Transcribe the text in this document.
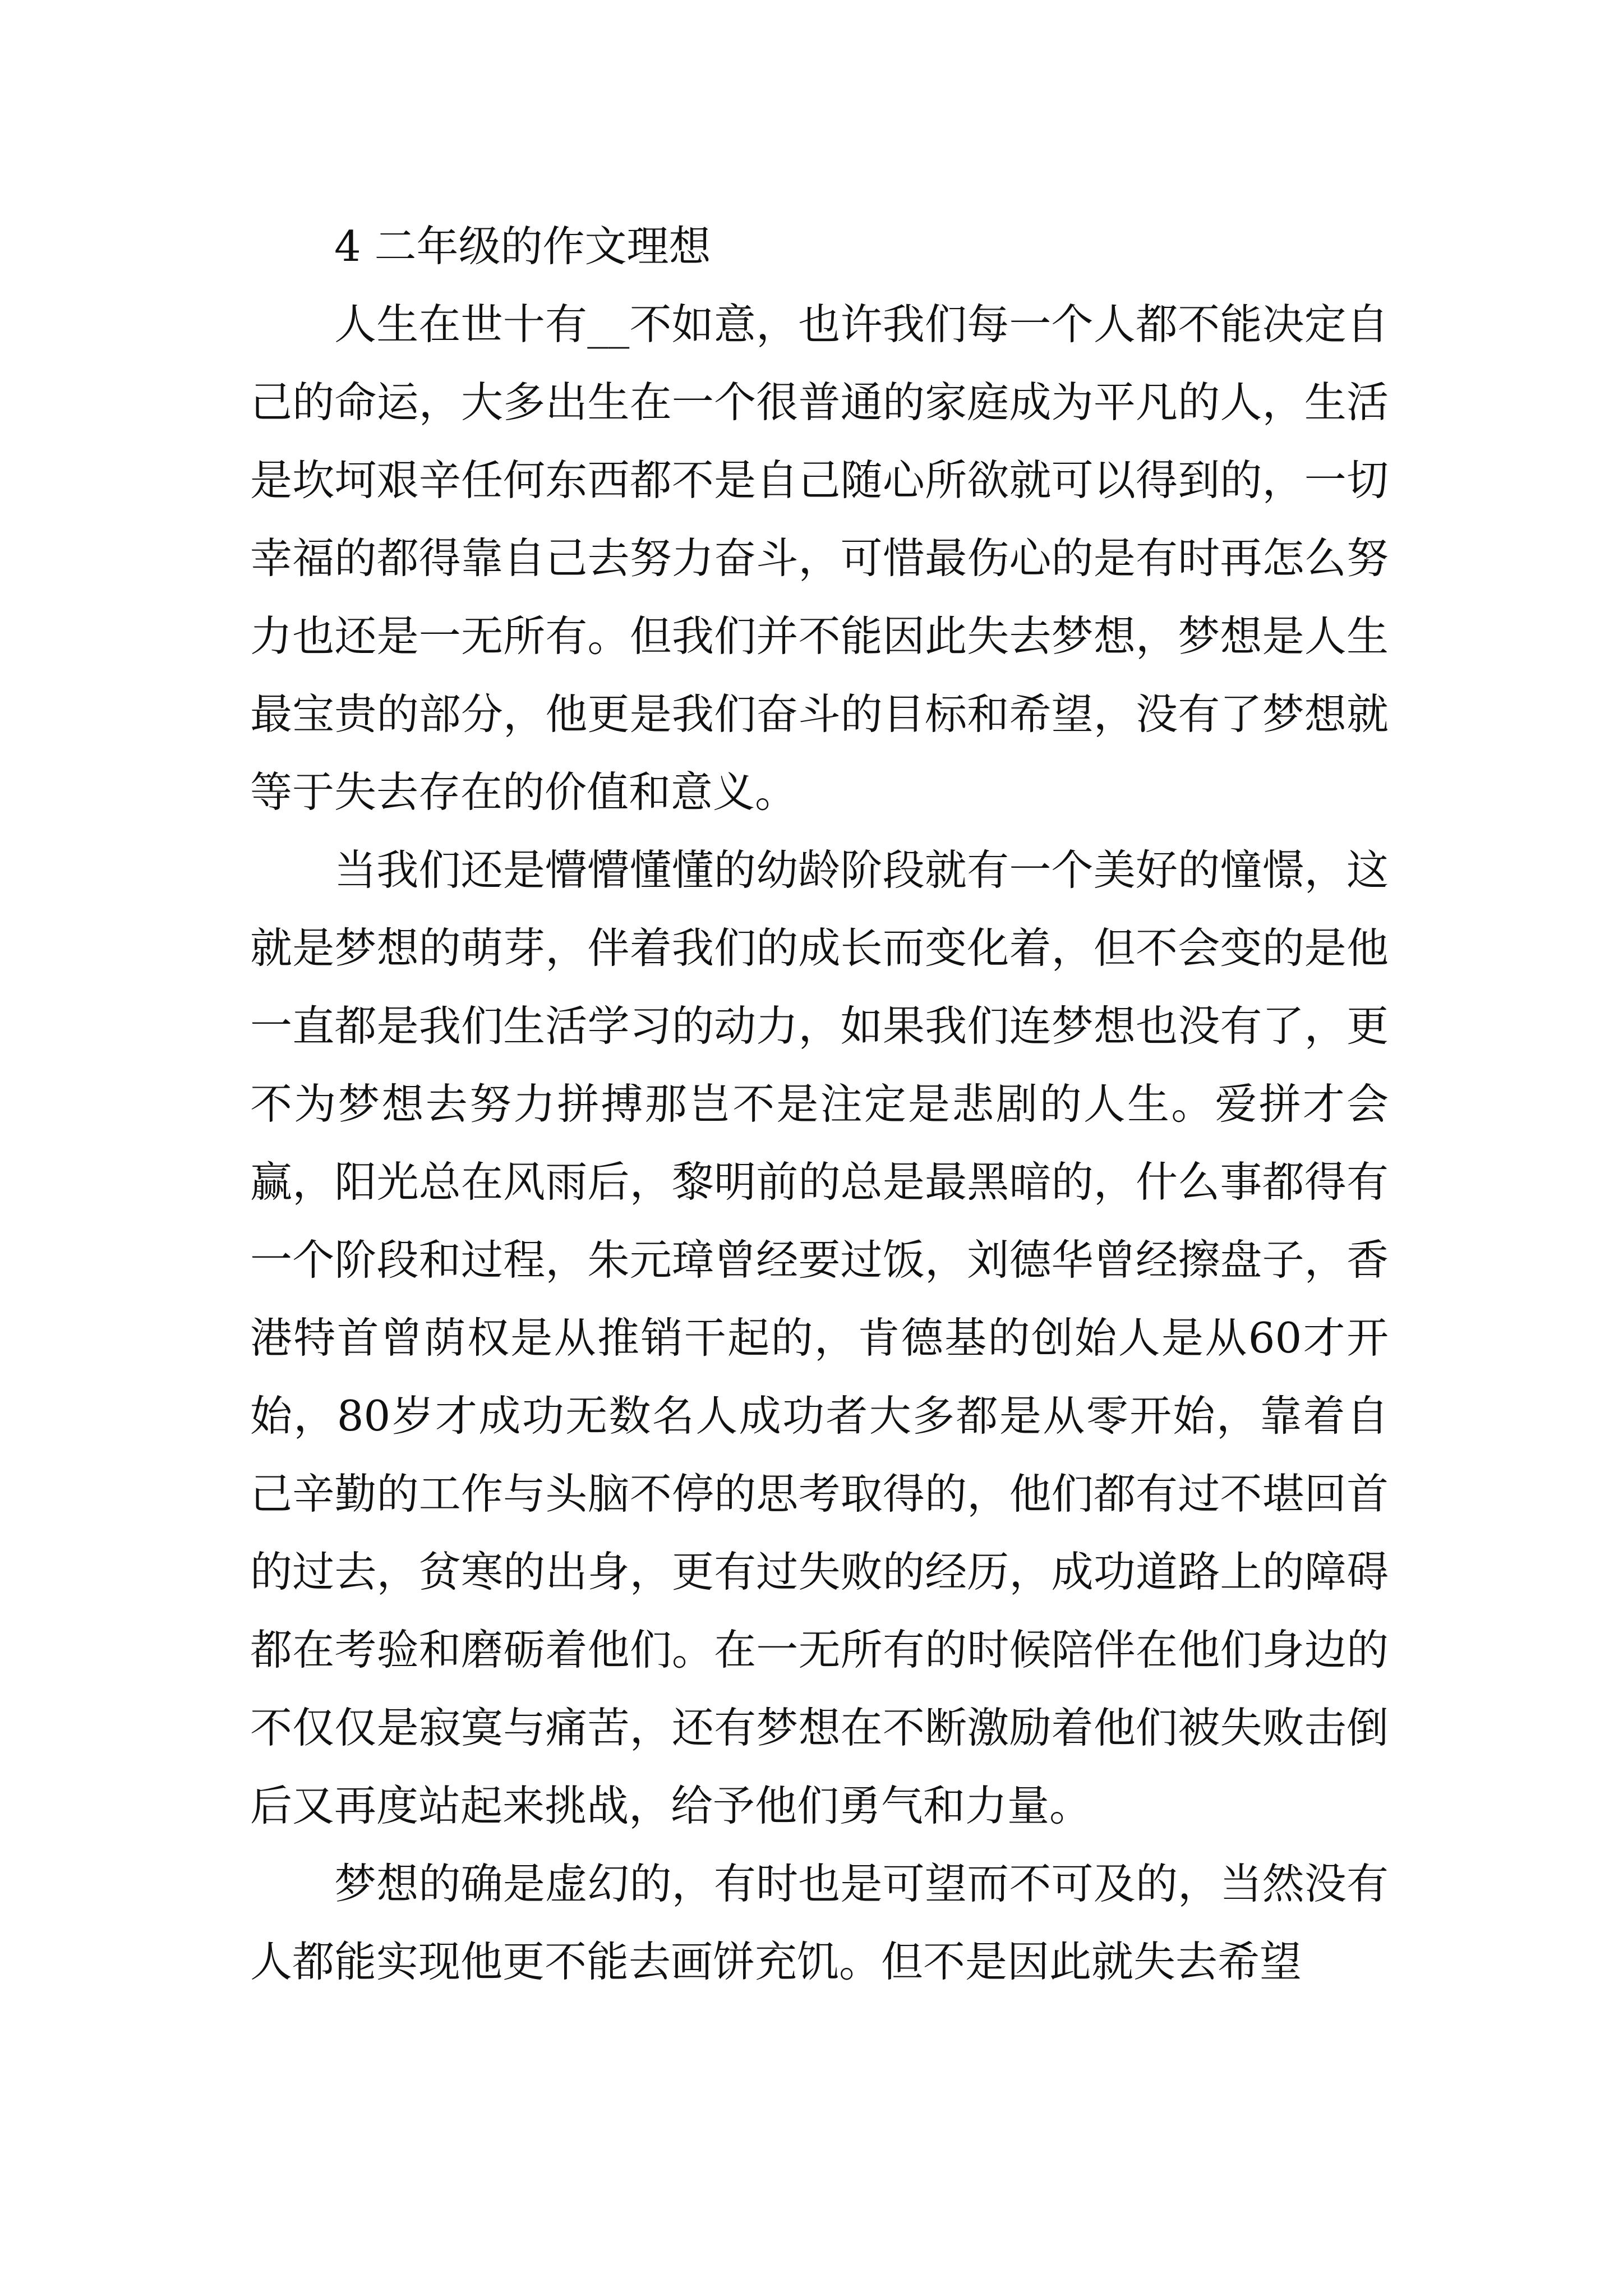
4 二年级的作文理想

人生在世十有__不如意，也许我们每一个人都不能决定自己的命运，大多出生在一个很普通的家庭成为平凡的人，生活是坎坷艰辛任何东西都不是自己随心所欲就可以得到的，一切幸福的都得靠自己去努力奋斗，可惜最伤心的是有时再怎么努力也还是一无所有。但我们并不能因此失去梦想，梦想是人生最宝贵的部分，他更是我们奋斗的目标和希望，没有了梦想就等于失去存在的价值和意义。

当我们还是懵懵懂懂的幼龄阶段就有一个美好的憧憬，这就是梦想的萌芽，伴着我们的成长而变化着，但不会变的是他一直都是我们生活学习的动力，如果我们连梦想也没有了，更不为梦想去努力拼搏那岂不是注定是悲剧的人生。爱拼才会赢，阳光总在风雨后，黎明前的总是最黑暗的，什么事都得有一个阶段和过程，朱元璋曾经要过饭，刘德华曾经擦盘子，香港特首曾荫权是从推销干起的，肯德基的创始人是从60才开始，80岁才成功无数名人成功者大多都是从零开始，靠着自己辛勤的工作与头脑不停的思考取得的，他们都有过不堪回首的过去，贫寒的出身，更有过失败的经历，成功道路上的障碍都在考验和磨砺着他们。在一无所有的时候陪伴在他们身边的不仅仅是寂寞与痛苦，还有梦想在不断激励着他们被失败击倒后又再度站起来挑战，给予他们勇气和力量。

梦想的确是虚幻的，有时也是可望而不可及的，当然没有人都能实现他更不能去画饼充饥。但不是因此就失去希望
